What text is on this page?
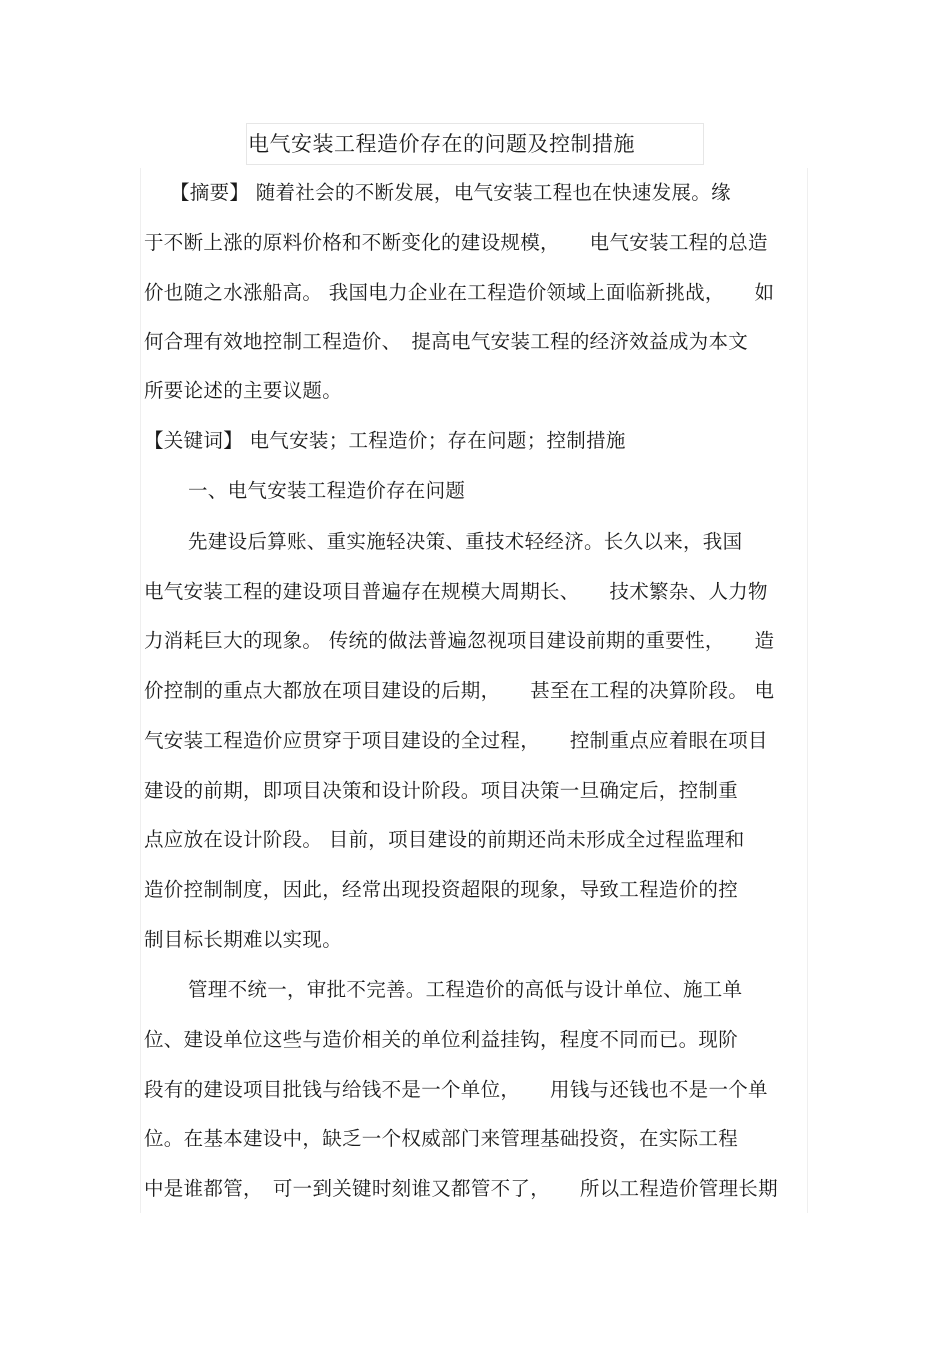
电气安装工程造价存在的问题及控制措施
【摘要】 随着社会的不断发展，电气安装工程也在快速发展。缘
于不断上涨的原料价格和不断变化的建设规模，　　电气安装工程的总造
价也随之水涨船高。 我国电力企业在工程造价领域上面临新挑战，　　如
何合理有效地控制工程造价、　提高电气安装工程的经济效益成为本文
所要论述的主要议题。
【关键词】 电气安装；工程造价；存在问题；控制措施
一、电气安装工程造价存在问题
先建设后算账、重实施轻决策、重技术轻经济。长久以来，我国
电气安装工程的建设项目普遍存在规模大周期长、　　技术繁杂、人力物
力消耗巨大的现象。 传统的做法普遍忽视项目建设前期的重要性，　　造
价控制的重点大都放在项目建设的后期，　　甚至在工程的决算阶段。 电
气安装工程造价应贯穿于项目建设的全过程，　　控制重点应着眼在项目
建设的前期，即项目决策和设计阶段。项目决策一旦确定后，控制重
点应放在设计阶段。 目前，项目建设的前期还尚未形成全过程监理和
造价控制制度，因此，经常出现投资超限的现象，导致工程造价的控
制目标长期难以实现。
管理不统一，审批不完善。工程造价的高低与设计单位、施工单
位、建设单位这些与造价相关的单位利益挂钩，程度不同而已。现阶
段有的建设项目批钱与给钱不是一个单位，　　用钱与还钱也不是一个单
位。在基本建设中，缺乏一个权威部门来管理基础投资，在实际工程
中是谁都管，　可一到关键时刻谁又都管不了，　　所以工程造价管理长期
